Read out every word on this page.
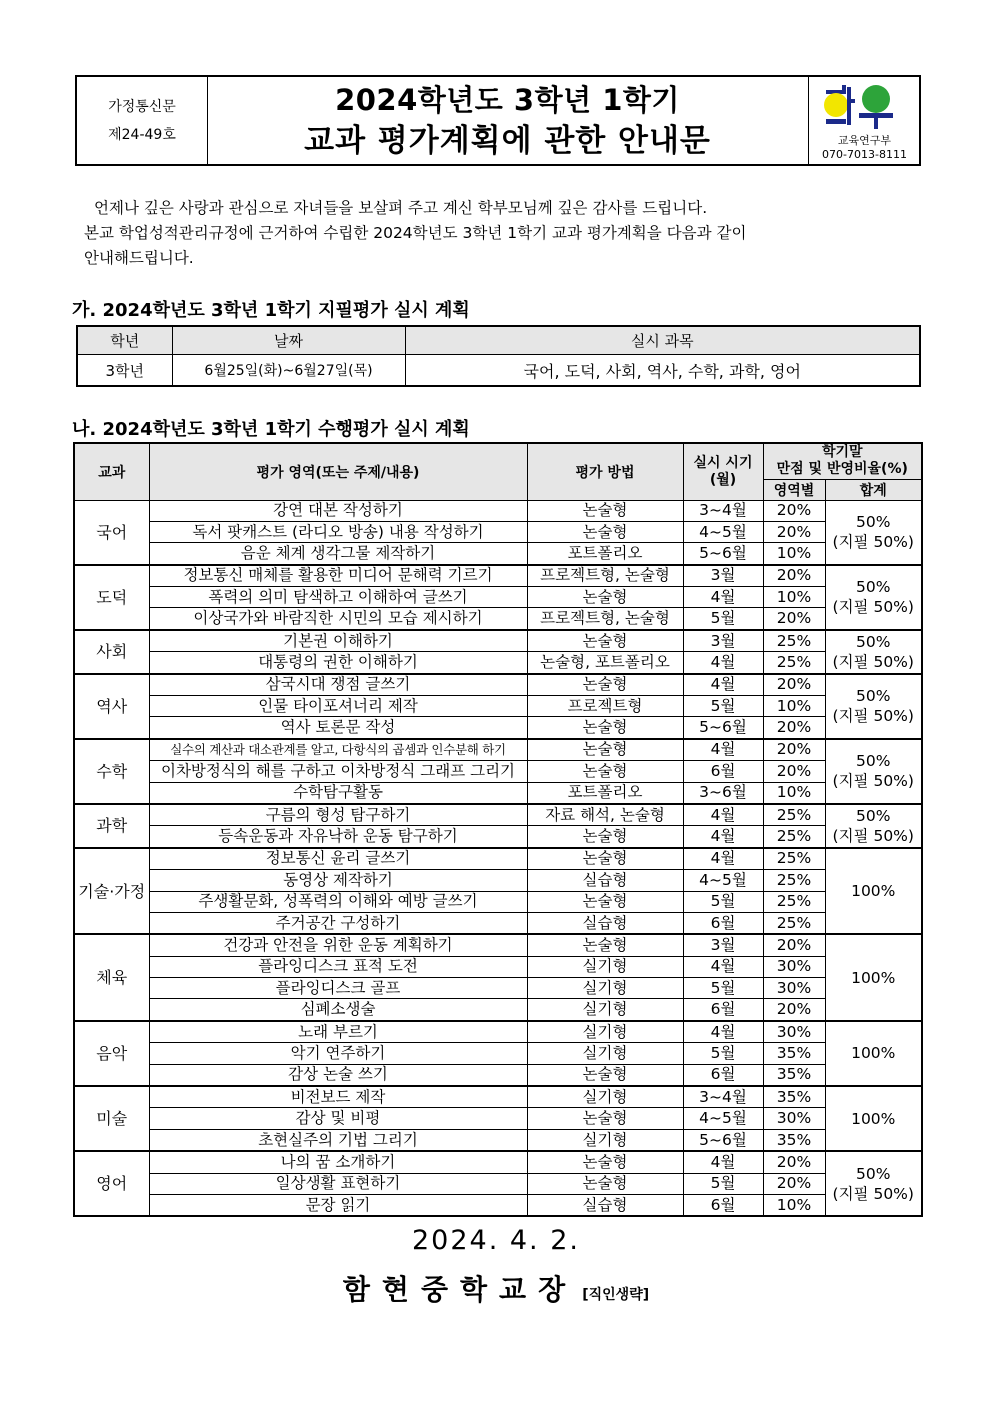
가정통신문
제24-49호
2024학년도 3학년 1학기
교과 평가계획에 관한 안내문	교육연구부
070-7013-8111
언제나 깊은 사랑과 관심으로 자녀들을 보살펴 주고 계신 학부모님께 깊은 감사를 드립니다.
본교 학업성적관리규정에 근거하여 수립한 2024학년도 3학년 1학기 교과 평가계획을 다음과 같이
안내해드립니다.
가. 2024학년도 3학년 1학기 지필평가 실시 계획
학년	날짜	실시 과목
3학년	6월25일(화)~6월27일(목)	국어, 도덕, 사회, 역사, 수학, 과학, 영어
나. 2024학년도 3학년 1학기 수행평가 실시 계획
교과	평가 영역(또는 주제/내용)	평가 방법	실시 시기
(월)	학기말
만점 및 반영비율(%)	
				영역별	합계
국어	강연 대본 작성하기	논술형	3~4월	20%	50%
(지필 50%)
	독서 팟캐스트 (라디오 방송) 내용 작성하기	논술형	4~5월	20%	
	음운 체계 생각그물 제작하기	포트폴리오	5~6월	10%	
도덕	정보통신 매체를 활용한 미디어 문해력 기르기	프로젝트형, 논술형	3월	20%	50%
(지필 50%)
	폭력의 의미 탐색하고 이해하여 글쓰기	논술형	4월	10%	
	이상국가와 바람직한 시민의 모습 제시하기	프로젝트형, 논술형	5월	20%	
사회	기본권 이해하기	논술형	3월	25%	50%
(지필 50%)
	대통령의 권한 이해하기	논술형, 포트폴리오	4월	25%	
역사	삼국시대 쟁점 글쓰기	논술형	4월	20%	50%
(지필 50%)
	인물 타이포셔너리 제작	프로젝트형	5월	10%	
	역사 토론문 작성	논술형	5~6월	20%	
수학	실수의 계산과 대소관계를 알고, 다항식의 곱셈과 인수분해 하기	논술형	4월	20%	50%
(지필 50%)
	이차방정식의 해를 구하고 이차방정식 그래프 그리기	논술형	6월	20%	
	수학탐구활동	포트폴리오	3~6월	10%	
과학	구름의 형성 탐구하기	자료 해석, 논술형	4월	25%	50%
(지필 50%)
	등속운동과 자유낙하 운동 탐구하기	논술형	4월	25%	
기술·가정	정보통신 윤리 글쓰기	논술형	4월	25%	100%
	동영상 제작하기	실습형	4~5월	25%	
	주생활문화, 성폭력의 이해와 예방 글쓰기	논술형	5월	25%	
	주거공간 구성하기	실습형	6월	25%	
체육	건강과 안전을 위한 운동 계획하기	논술형	3월	20%	100%
	플라잉디스크 표적 도전	실기형	4월	30%	
	플라잉디스크 골프	실기형	5월	30%	
	심폐소생술	실기형	6월	20%	
음악	노래 부르기	실기형	4월	30%	100%
	악기 연주하기	실기형	5월	35%	
	감상 논술 쓰기	논술형	6월	35%	
미술	비전보드 제작	실기형	3~4월	35%	100%
	감상 및 비평	논술형	4~5월	30%	
	초현실주의 기법 그리기	실기형	5~6월	35%	
영어	나의 꿈 소개하기	논술형	4월	20%	50%
(지필 50%)
	일상생활 표현하기	논술형	5월	20%	
	문장 읽기	실습형	6월	10%	
2024. 4. 2.
함현중학교장 [직인생략]
